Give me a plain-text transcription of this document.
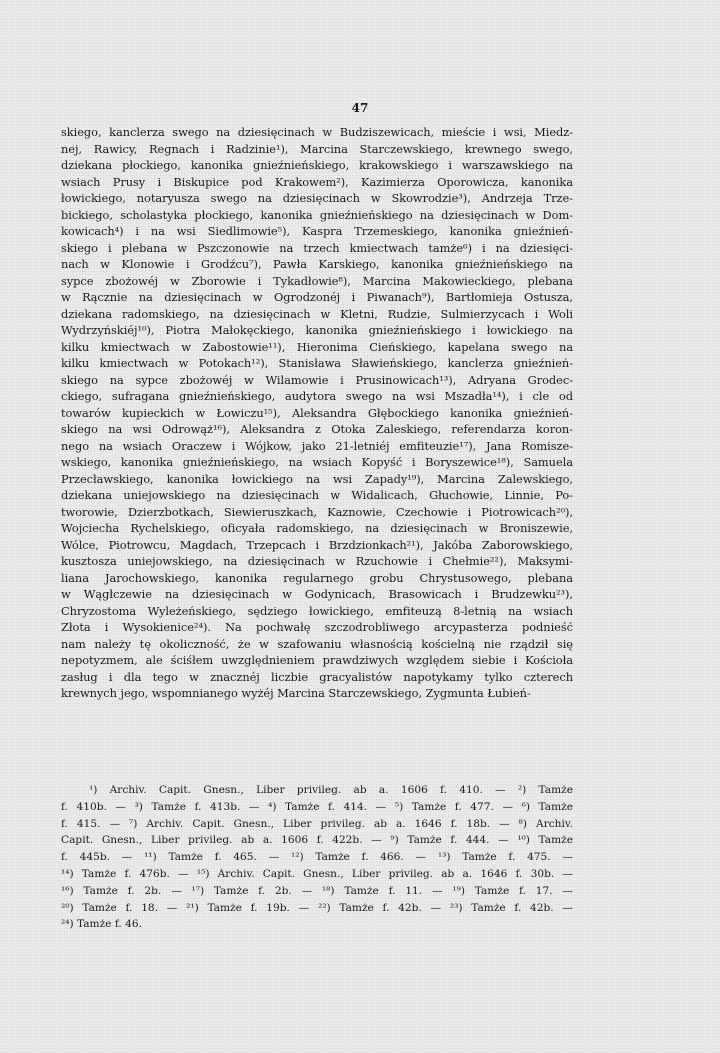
47
skiego, kanclerza swego na dziesięcinach w Budziszewicach, mieście i wsi, Miedz-
nej, Rawicy, Regnach i Radzinie¹), Marcina Starczewskiego, krewnego swego,
dziekana płockiego, kanonika gnieźnieńskiego, krakowskiego i warszawskiego na
wsiach Prusy i Biskupice pod Krakowem²), Kazimierza Oporowicza, kanonika
łowickiego, notaryusza swego na dziesięcinach w Skowrodzie³), Andrzeja Trze-
bickiego, scholastyka płockiego, kanonika gnieźnieńskiego na dziesięcinach w Dom-
kowicach⁴) i na wsi Siedlimowie⁵), Kaspra Trzemeskiego, kanonika gnieźnień-
skiego i plebana w Pszczonowie na trzech kmiectwach tamże⁶) i na dziesięci-
nach w Klonowie i Grodźcu⁷), Pawła Karskiego, kanonika gnieźnieńskiego na
sypce zbożowéj w Zborowie i Tykadłowie⁸), Marcina Makowieckiego, plebana
w Rącznie na dziesięcinach w Ogrodzonéj i Piwanach⁹), Bartłomieja Ostusza,
dziekana radomskiego, na dziesięcinach w Kletni, Rudzie, Sulmierzycach i Woli
Wydrzyńskiéj¹⁰), Piotra Małokęckiego, kanonika gnieźnieńskiego i łowickiego na
kilku kmiectwach w Zabostowie¹¹), Hieronima Cieńskiego, kapelana swego na
kilku kmiectwach w Potokach¹²), Stanisława Sławieńskiego, kanclerza gnieźnień-
skiego na sypce zbożowéj w Wilamowie i Prusinowicach¹³), Adryana Grodec-
ckiego, sufragana gnieźnieńskiego, audytora swego na wsi Mszadła¹⁴), i cle od
towarów kupieckich w Łowiczu¹⁵), Aleksandra Głębockiego kanonika gnieźnień-
skiego na wsi Odrowąż¹⁶), Aleksandra z Otoka Zaleskiego, referendarza koron-
nego na wsiach Oraczew i Wójkow, jako 21-letniéj emfiteuzie¹⁷), Jana Romisze-
wskiego, kanonika gnieźnieńskiego, na wsiach Kopyść i Boryszewice¹⁸), Samuela
Przecławskiego, kanonika łowickiego na wsi Zapady¹⁹), Marcina Zalewskiego,
dziekana uniejowskiego na dziesięcinach w Widalicach, Głuchowie, Linnie, Po-
tworowie, Dzierzbotkach, Siewieruszkach, Kaznowie, Czechowie i Piotrowicach²⁰),
Wojciecha Rychelskiego, oficyała radomskiego, na dziesięcinach w Broniszewie,
Wólce, Piotrowcu, Magdach, Trzepcach i Brzdzionkach²¹), Jakóba Zaborowskiego,
kusztosza uniejowskiego, na dziesięcinach w Rzuchowie i Chełmie²²), Maksymi-
liana Jarochowskiego, kanonika regularnego grobu Chrystusowego, plebana
w Wągłczewie na dziesięcinach w Godynicach, Brasowicach i Brudzewku²³),
Chryzostoma Wyleżeńskiego, sędziego łowickiego, emfiteuzą 8-letnią na wsiach
Złota i Wysokienice²⁴). Na pochwałę szczodrobliwego arcypasterza podnieść
nam należy tę okoliczność, że w szafowaniu własnością kościelną nie rządził się
nepotyzmem, ale ściśłem uwzględnieniem prawdziwych względem siebie i Kościoła
zasług i dla tego w znacznéj liczbie gracyalistów napotykamy tylko czterech
krewnych jego, wspomnianego wyżéj Marcina Starczewskiego, Zygmunta Łubień-
¹) Archiv. Capit. Gnesn., Liber privileg. ab a. 1606 f. 410. — ²) Tamże
f. 410b. — ³) Tamże f. 413b. — ⁴) Tamże f. 414. — ⁵) Tamże f. 477. — ⁶) Tamże
f. 415. — ⁷) Archiv. Capit. Gnesn., Liber privileg. ab a. 1646 f. 18b. — ⁸) Archiv.
Capit. Gnesn., Liber privileg. ab a. 1606 f. 422b. — ⁹) Tamże f. 444. — ¹⁰) Tamże
f. 445b. — ¹¹) Tamże f. 465. — ¹²) Tamże f. 466. — ¹³) Tamże f. 475. —
¹⁴) Tamże f. 476b. — ¹⁵) Archiv. Capit. Gnesn., Liber privileg. ab a. 1646 f. 30b. —
¹⁶) Tamże f. 2b. — ¹⁷) Tamże f. 2b. — ¹⁸) Tamże f. 11. — ¹⁹) Tamże f. 17. —
²⁰) Tamże f. 18. — ²¹) Tamże f. 19b. — ²²) Tamże f. 42b. — ²³) Tamże f. 42b. —
²⁴) Tamże f. 46.
